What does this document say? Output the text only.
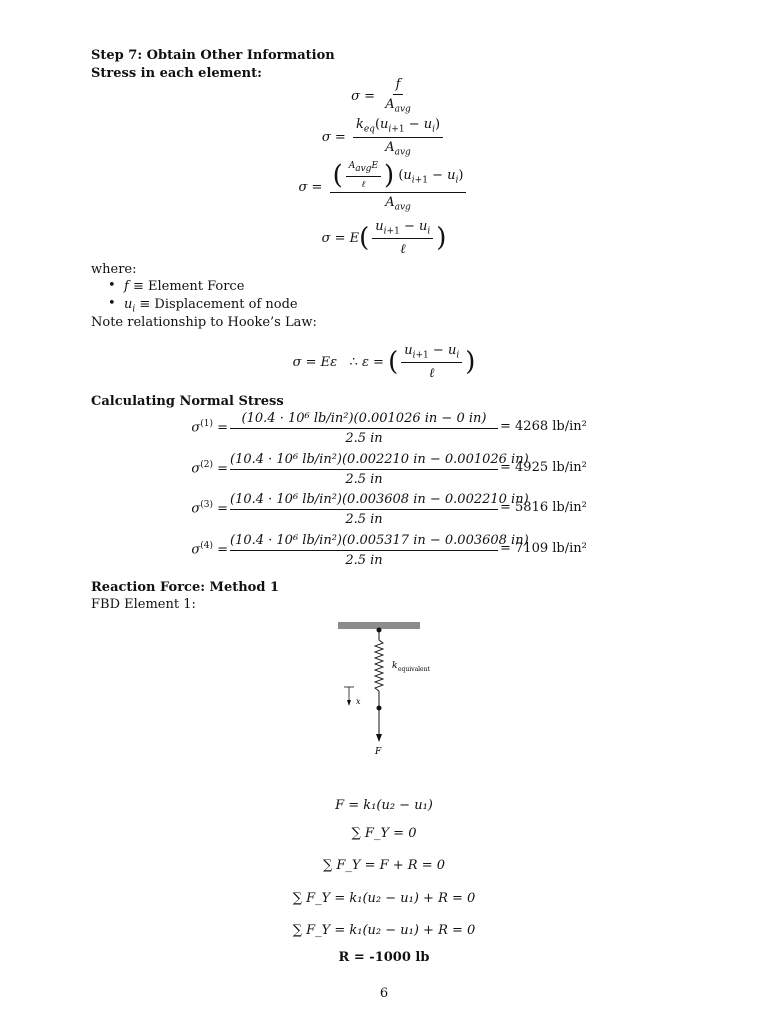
Step 7: Obtain Other Information
Stress in each element:
$\sigma = \frac{f}{A_{avg}}$
$\sigma = \frac{k_{eq}(u_{i+1} - u_i)}{A_{avg}}$
$\sigma = \frac{( \frac{A_{avg}E}{\text{ℓ}} ) (u_{i+1} - u_i)}{A_{avg}}$
σ = E ( $\frac{u_{i+1} - u_i}{\text{ℓ}}$ )
where:
• f ≡ Element Force
• $u_i$ ≡ Displacement of node
Note relationship to Hooke’s Law:
σ = Eε ∴ ε = ( $\frac{u_{i+1} - u_i}{\text{ℓ}}$ )
Calculating Normal Stress
$\sigma^{(1)} = \frac{\text{(10.4 · 10⁶ lb/in²)(0.001026 in − 0 in)}}{2.5 in} = 4268$ lb/in²
$\sigma^{(2)} = \frac{\text{(10.4 · 10⁶ lb/in²)(0.002210 in − 0.001026 in)}}{2.5 in} = 4925$ lb/in²
$\sigma^{(3)} = \frac{\text{(10.4 · 10⁶ lb/in²)(0.003608 in − 0.002210 in)}}{2.5 in} = 5816$ lb/in²
$\sigma^{(4)} = \frac{\text{(10.4 · 10⁶ lb/in²)(0.005317 in − 0.003608 in)}}{2.5 in} = 7109$ lb/in²
Reaction Force: Method 1
FBD Element 1:
x
F
k equivalent
F = k₁(u₂ − u₁)
∑ F_Y = 0
∑ F_Y = F + R = 0
∑ F_Y = k₁(u₂ − u₁) + R = 0
∑ F_Y = k₁(u₂ − u₁) + R = 0
R = -1000 lb
6
